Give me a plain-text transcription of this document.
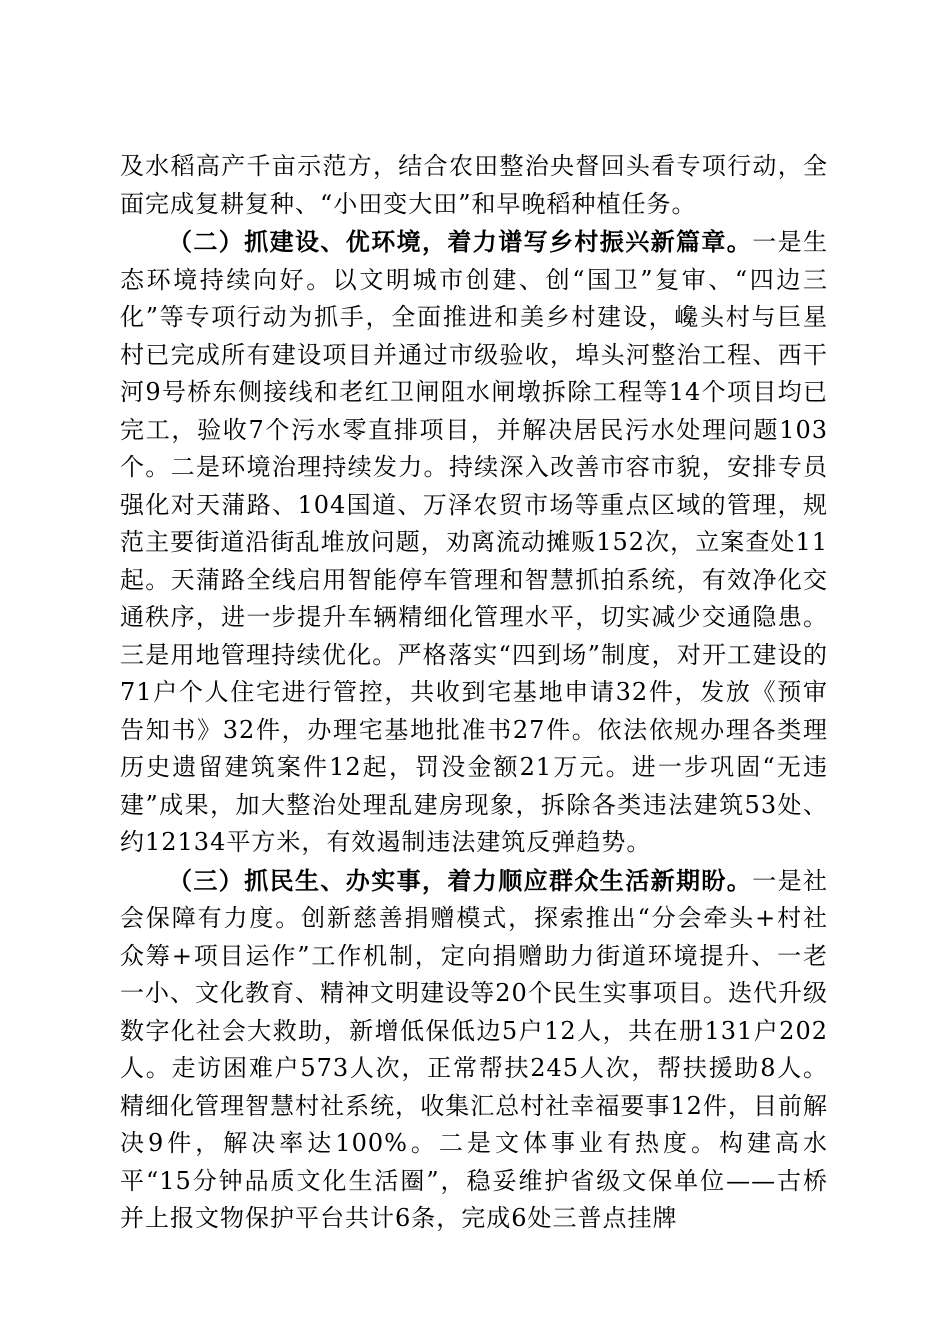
及水稻高产千亩示范方，结合农田整治央督回头看专项行动，全面完成复耕复种、“小田变大田”和早晚稻种植任务。

（二）抓建设、优环境，着力谱写乡村振兴新篇章。一是生态环境持续向好。以文明城市创建、创“国卫”复审、“四边三化”等专项行动为抓手，全面推进和美乡村建设，巉头村与巨星村已完成所有建设项目并通过市级验收，埠头河整治工程、西干河9号桥东侧接线和老红卫闸阻水闸墩拆除工程等14个项目均已完工，验收7个污水零直排项目，并解决居民污水处理问题103个。二是环境治理持续发力。持续深入改善市容市貌，安排专员强化对天蒲路、104国道、万泽农贸市场等重点区域的管理，规范主要街道沿街乱堆放问题，劝离流动摊贩152次，立案查处11起。天蒲路全线启用智能停车管理和智慧抓拍系统，有效净化交通秩序，进一步提升车辆精细化管理水平，切实减少交通隐患。三是用地管理持续优化。严格落实“四到场”制度，对开工建设的71户个人住宅进行管控，共收到宅基地申请32件，发放《预审告知书》32件，办理宅基地批准书27件。依法依规办理各类理历史遗留建筑案件12起，罚没金额21万元。进一步巩固“无违建”成果，加大整治处理乱建房现象，拆除各类违法建筑53处、约12134平方米，有效遏制违法建筑反弹趋势。

（三）抓民生、办实事，着力顺应群众生活新期盼。一是社会保障有力度。创新慈善捐赠模式，探索推出“分会牵头+村社众筹+项目运作”工作机制，定向捐赠助力街道环境提升、一老一小、文化教育、精神文明建设等20个民生实事项目。迭代升级数字化社会大救助，新增低保低边5户12人，共在册131户202人。走访困难户573人次，正常帮扶245人次，帮扶援助8人。精细化管理智慧村社系统，收集汇总村社幸福要事12件，目前解决9件，解决率达100%。二是文体事业有热度。构建高水平“15分钟品质文化生活圈”，稳妥维护省级文保单位——古桥并上报文物保护平台共计6条，完成6处三普点挂牌
